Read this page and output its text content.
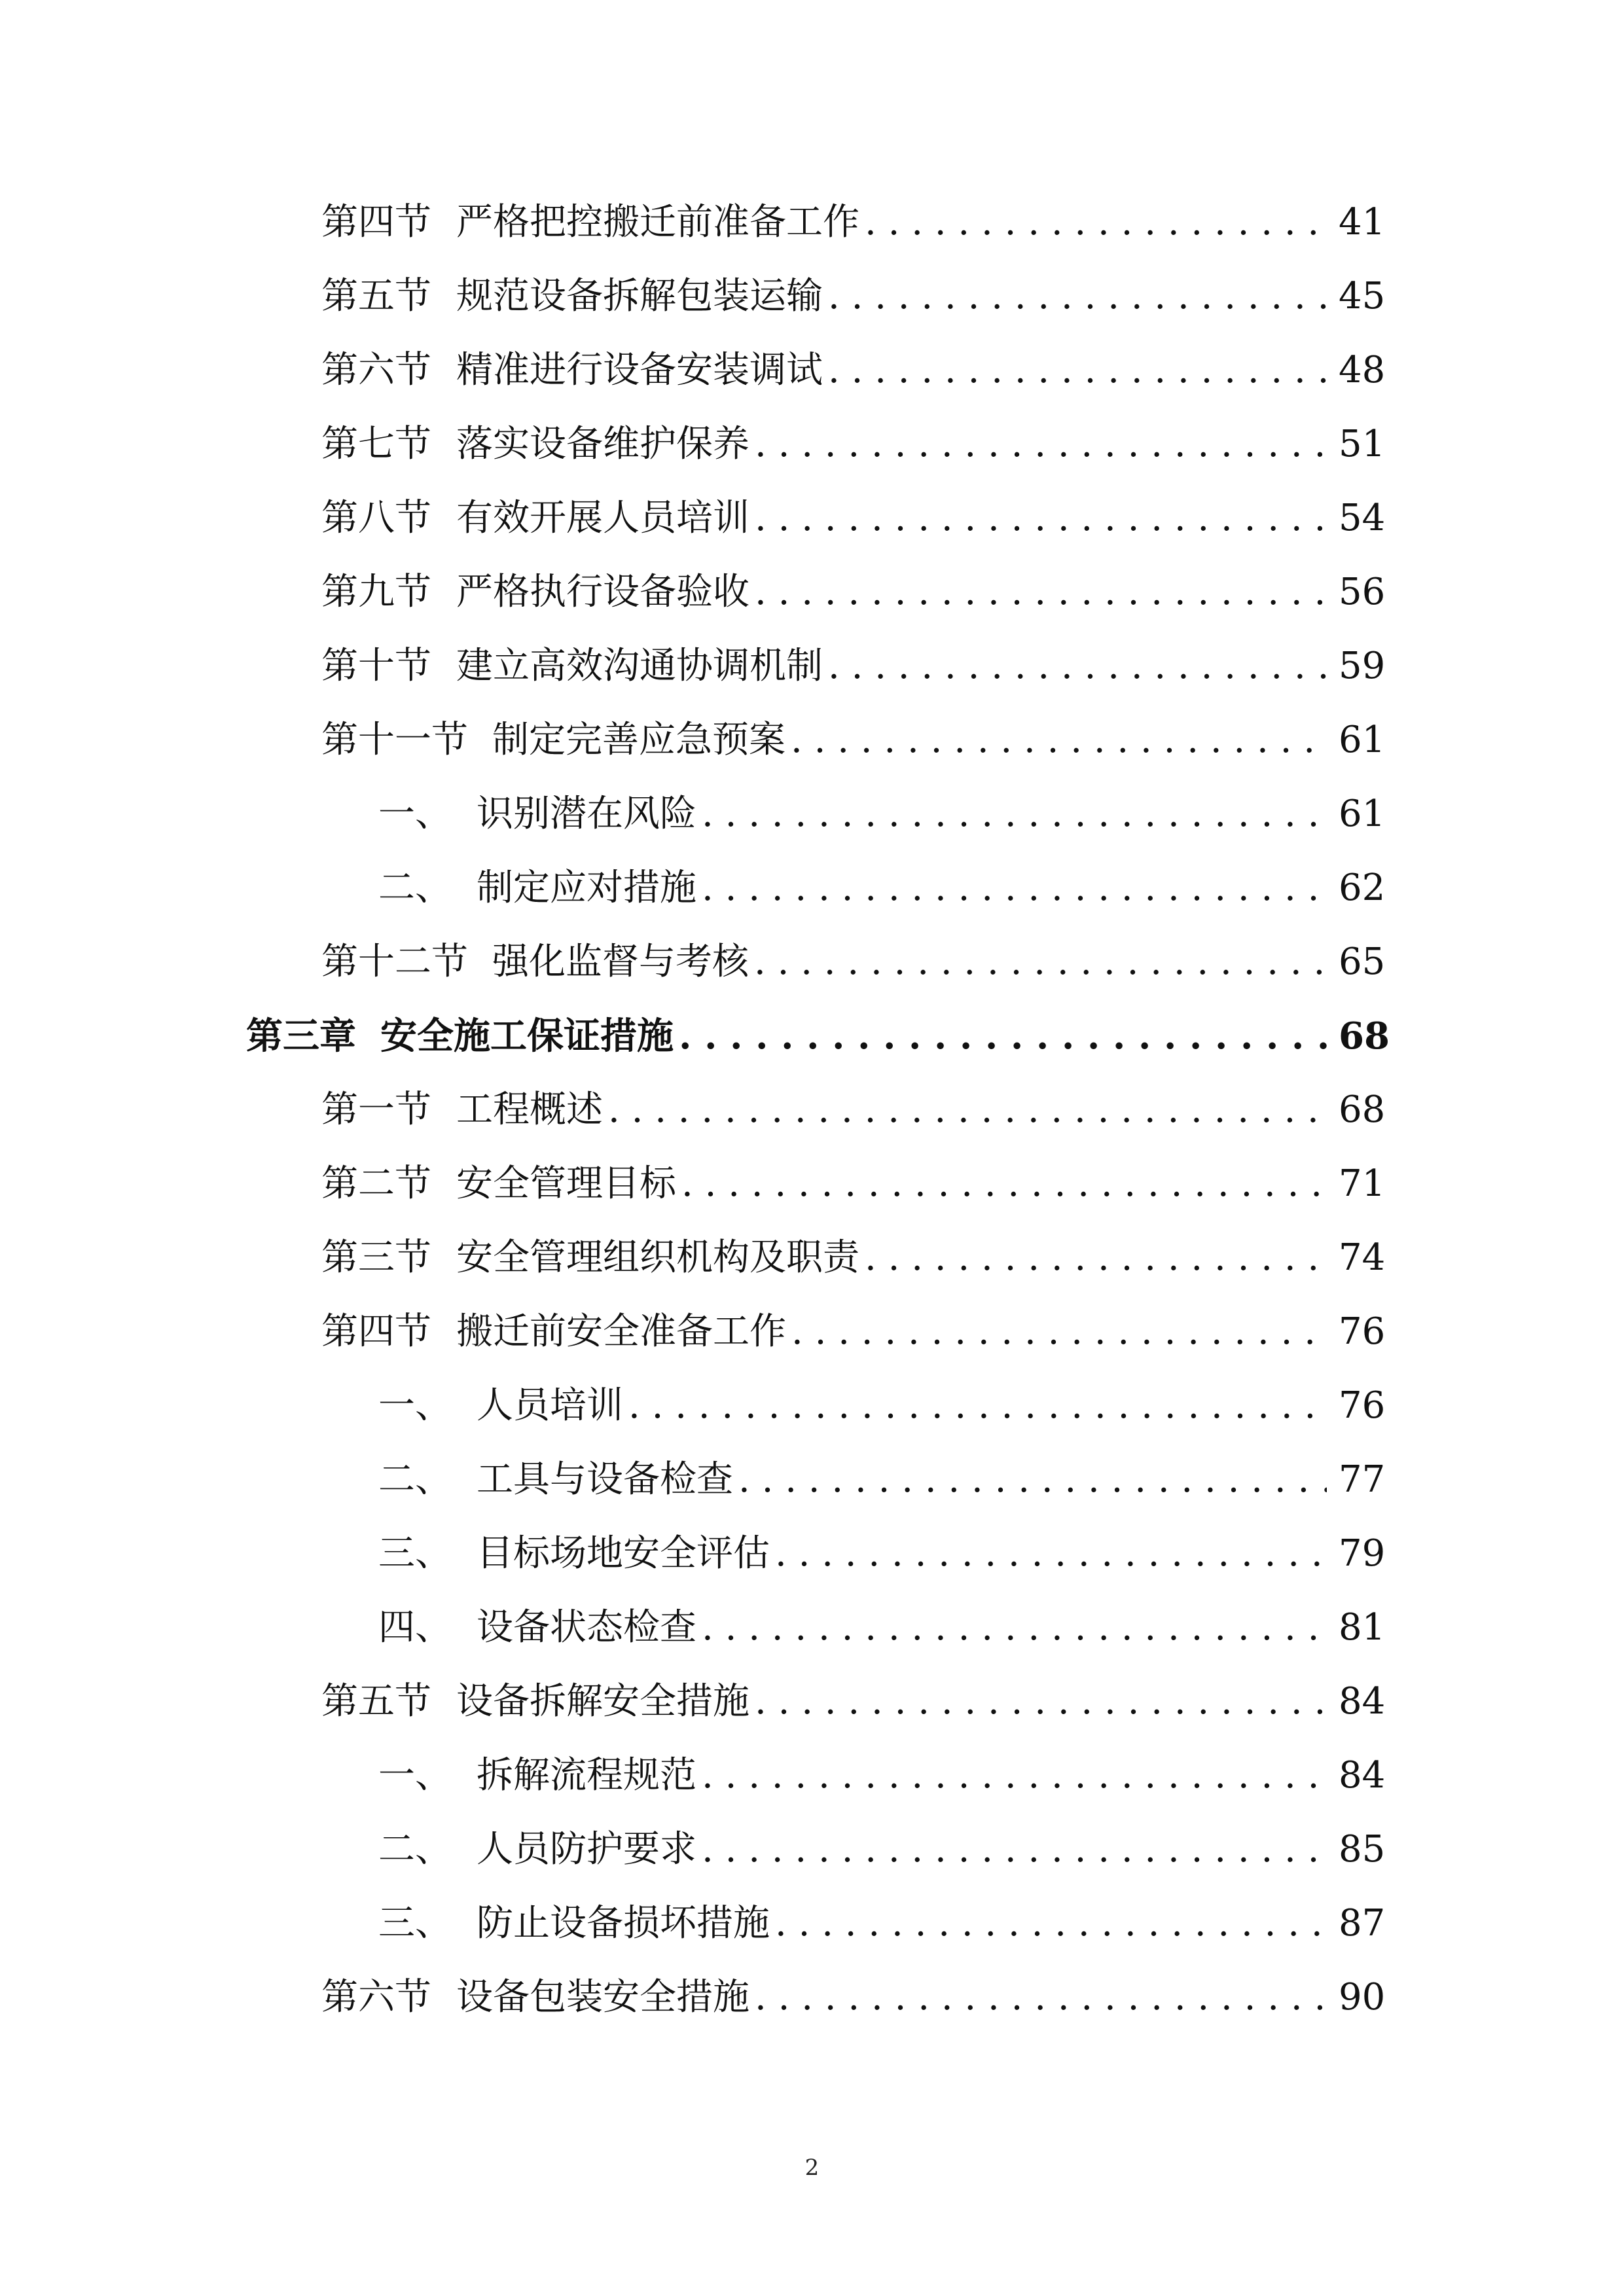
第四节 严格把控搬迁前准备工作 . . .	41
第五节 规范设备拆解包装运输 . . .	45
第六节 精准进行设备安装调试 . . .	48
第七节 落实设备维护保养 . . .	51
第八节 有效开展人员培训 . . .	54
第九节 严格执行设备验收 . . .	56
第十节 建立高效沟通协调机制 . . .	59
第十一节 制定完善应急预案 . . .	61
一、 识别潜在风险 . . .	61
二、 制定应对措施 . . .	62
第十二节 强化监督与考核 . . .	65
第三章 安全施工保证措施 . . .	68
第一节 工程概述 . . .	68
第二节 安全管理目标 . . .	71
第三节 安全管理组织机构及职责 . . .	74
第四节 搬迁前安全准备工作 . . .	76
一、 人员培训 . . .	76
二、 工具与设备检查 . . .	77
三、 目标场地安全评估 . . .	79
四、 设备状态检查 . . .	81
第五节 设备拆解安全措施 . . .	84
一、 拆解流程规范 . . .	84
二、 人员防护要求 . . .	85
三、 防止设备损坏措施 . . .	87
第六节 设备包装安全措施 . . .	90
2
